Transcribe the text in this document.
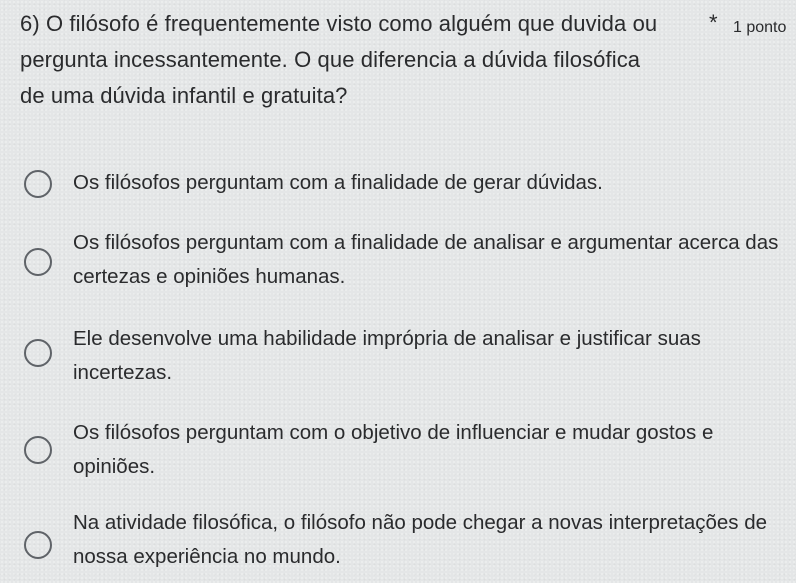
6) O filósofo é frequentemente visto como alguém que duvida ou pergunta incessantemente. O que diferencia a dúvida filosófica de uma dúvida infantil e gratuita?
* 1 ponto
Os filósofos perguntam com a finalidade de gerar dúvidas.
Os filósofos perguntam com a finalidade de analisar e argumentar acerca das certezas e opiniões humanas.
Ele desenvolve uma habilidade imprópria de analisar e justificar suas incertezas.
Os filósofos perguntam com o objetivo de influenciar e mudar gostos e opiniões.
Na atividade filosófica, o filósofo não pode chegar a novas interpretações de nossa experiência no mundo.
